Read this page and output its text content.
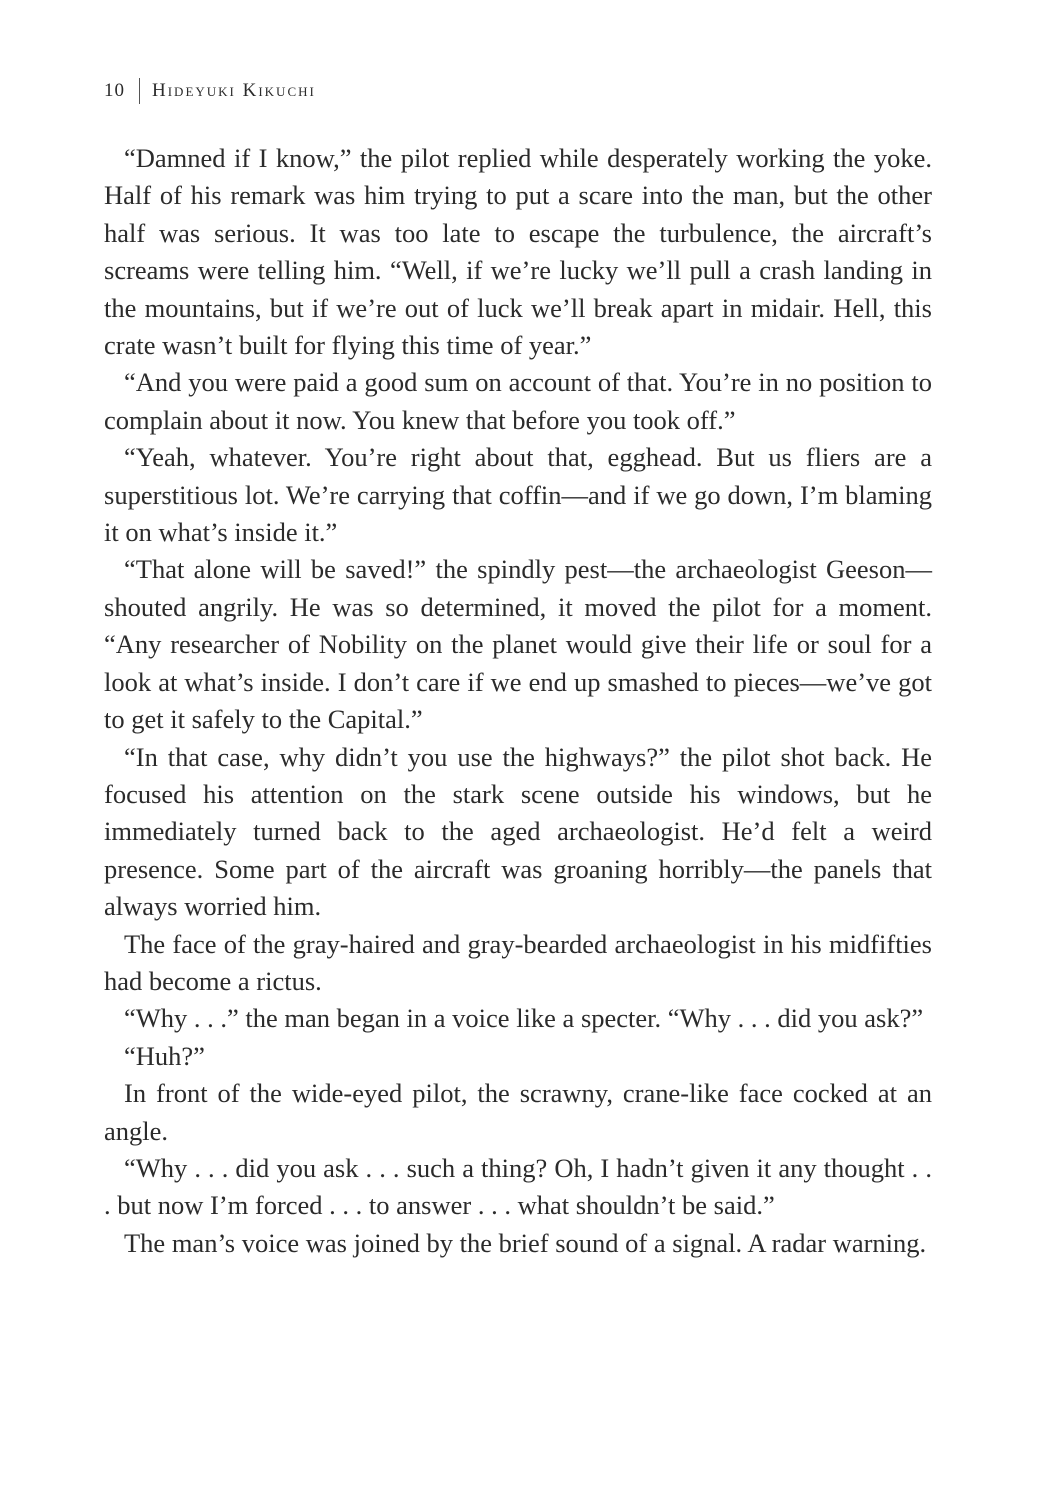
10 Hideyuki Kikuchi

“Damned if I know,” the pilot replied while desperately working the yoke. Half of his remark was him trying to put a scare into the man, but the other half was serious. It was too late to escape the turbulence, the aircraft’s screams were telling him. “Well, if we’re lucky we’ll pull a crash landing in the mountains, but if we’re out of luck we’ll break apart in midair. Hell, this crate wasn’t built for flying this time of year.”

“And you were paid a good sum on account of that. You’re in no position to complain about it now. You knew that before you took off.”

“Yeah, whatever. You’re right about that, egghead. But us fliers are a superstitious lot. We’re carrying that coffin—and if we go down, I’m blaming it on what’s inside it.”

“That alone will be saved!” the spindly pest—the archaeologist Geeson—shouted angrily. He was so determined, it moved the pilot for a moment. “Any researcher of Nobility on the planet would give their life or soul for a look at what’s inside. I don’t care if we end up smashed to pieces—we’ve got to get it safely to the Capital.”

“In that case, why didn’t you use the highways?” the pilot shot back. He focused his attention on the stark scene outside his windows, but he immediately turned back to the aged archaeologist. He’d felt a weird presence. Some part of the aircraft was groaning horribly—the panels that always worried him.

The face of the gray-haired and gray-bearded archaeologist in his midfifties had become a rictus.

“Why . . .” the man began in a voice like a specter. “Why . . . did you ask?”

“Huh?”

In front of the wide-eyed pilot, the scrawny, crane-like face cocked at an angle.

“Why . . . did you ask . . . such a thing? Oh, I hadn’t given it any thought . . . but now I’m forced . . . to answer . . . what shouldn’t be said.”

The man’s voice was joined by the brief sound of a signal. A radar warning.
